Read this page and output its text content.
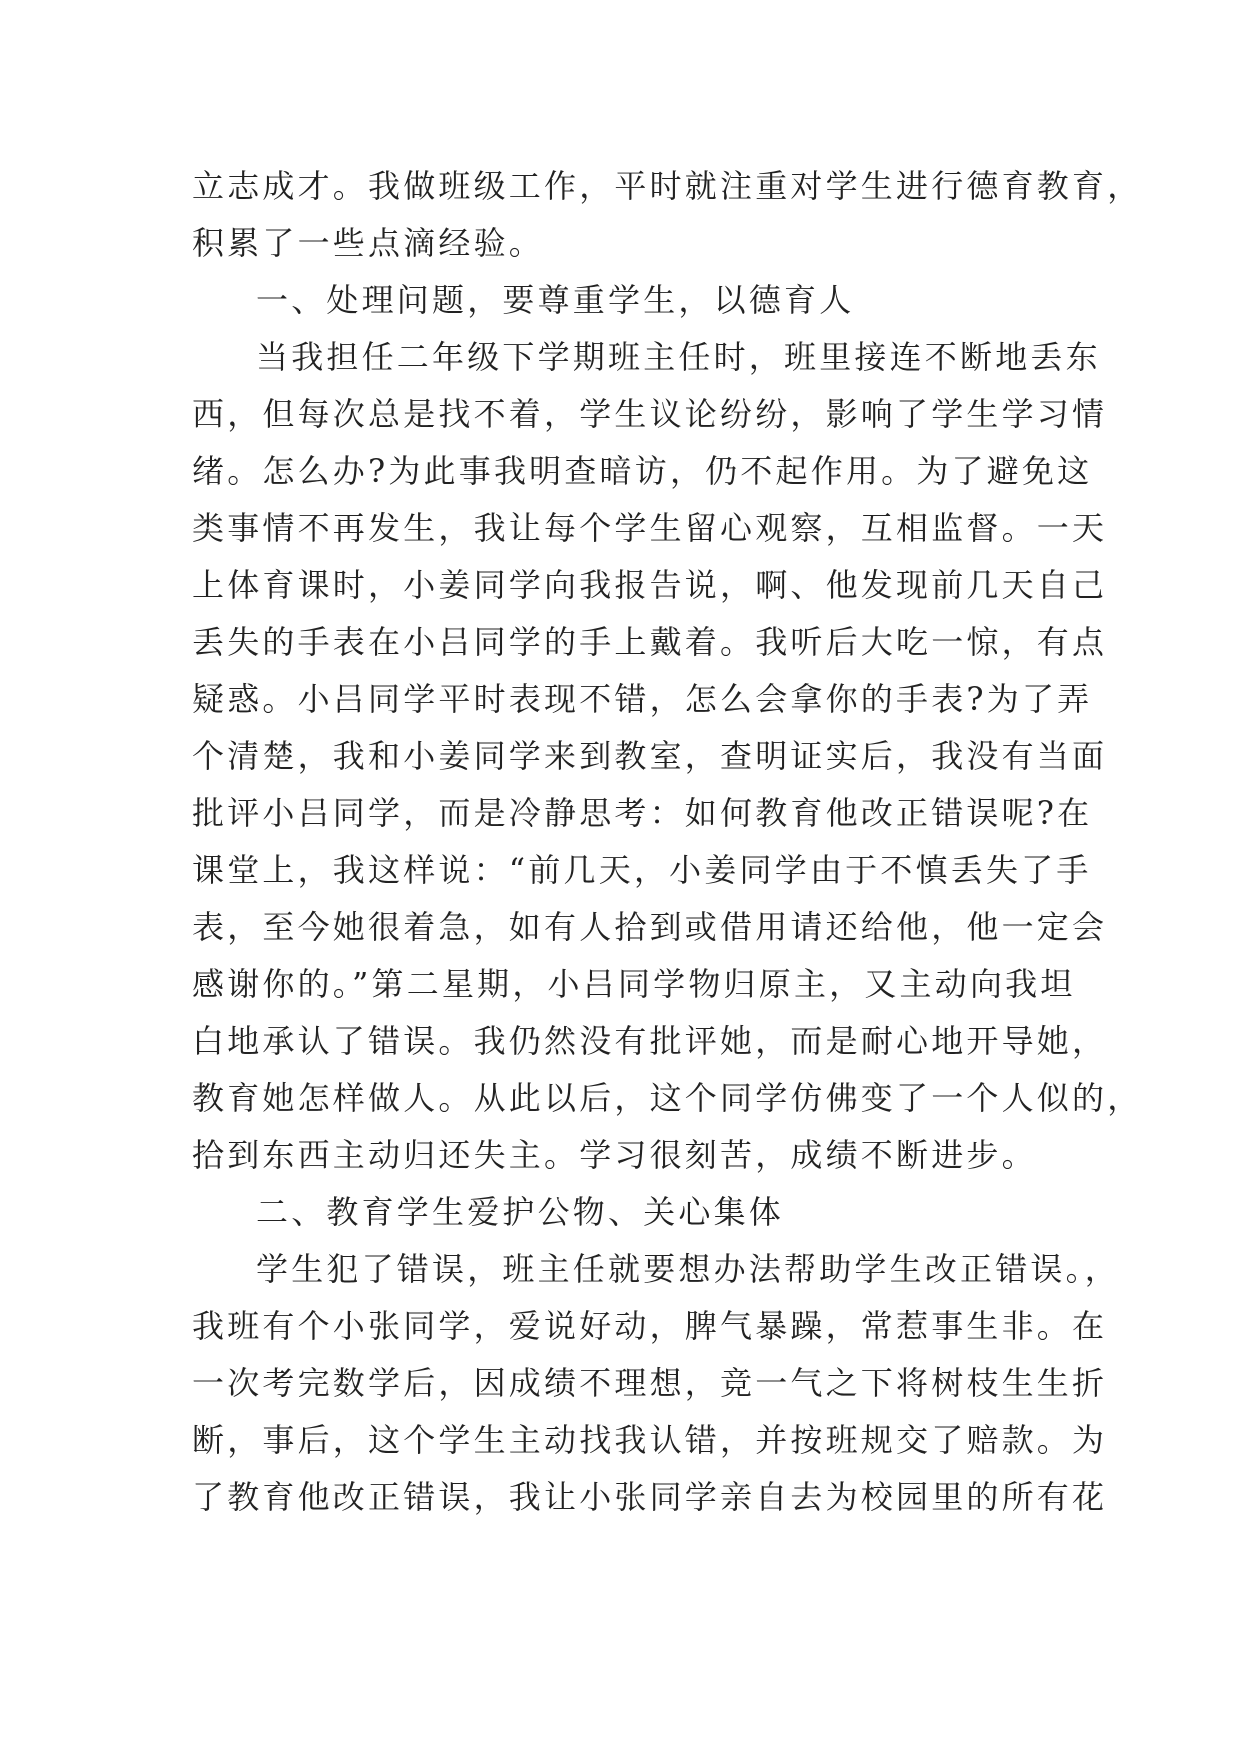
立志成才。我做班级工作，平时就注重对学生进行德育教育，
积累了一些点滴经验。
一、处理问题，要尊重学生，以德育人
当我担任二年级下学期班主任时，班里接连不断地丢东
西，但每次总是找不着，学生议论纷纷，影响了学生学习情
绪。怎么办?为此事我明查暗访，仍不起作用。为了避免这
类事情不再发生，我让每个学生留心观察，互相监督。一天
上体育课时，小姜同学向我报告说，啊、他发现前几天自己
丢失的手表在小吕同学的手上戴着。我听后大吃一惊，有点
疑惑。小吕同学平时表现不错，怎么会拿你的手表?为了弄
个清楚，我和小姜同学来到教室，查明证实后，我没有当面
批评小吕同学，而是冷静思考：如何教育他改正错误呢?在
课堂上，我这样说：“前几天，小姜同学由于不慎丢失了手
表，至今她很着急，如有人拾到或借用请还给他，他一定会
感谢你的。”第二星期，小吕同学物归原主，又主动向我坦
白地承认了错误。我仍然没有批评她，而是耐心地开导她，
教育她怎样做人。从此以后，这个同学仿佛变了一个人似的，
拾到东西主动归还失主。学习很刻苦，成绩不断进步。
二、教育学生爱护公物、关心集体
学生犯了错误，班主任就要想办法帮助学生改正错误。，
我班有个小张同学，爱说好动，脾气暴躁，常惹事生非。在
一次考完数学后，因成绩不理想，竞一气之下将树枝生生折
断，事后，这个学生主动找我认错，并按班规交了赔款。为
了教育他改正错误，我让小张同学亲自去为校园里的所有花
